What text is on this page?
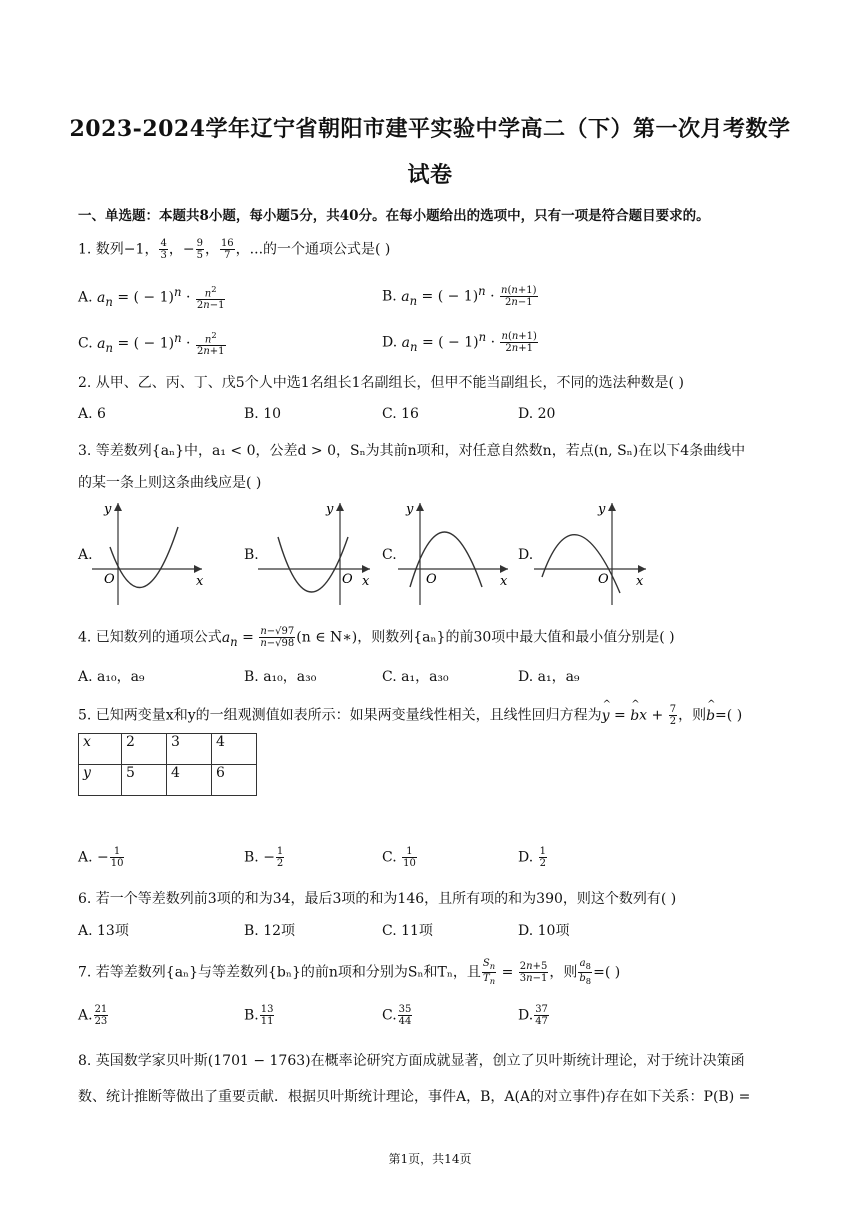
2023-2024学年辽宁省朝阳市建平实验中学高二（下）第一次月考数学
试卷
一、单选题：本题共8小题，每小题5分，共40分。在每小题给出的选项中，只有一项是符合题目要求的。
1. 数列−1， $\frac{4}{3}$ ，− $\frac{9}{5}$ ， $\frac{16}{7}$ ，...的一个通项公式是( )
A. $a_n$ = ( − $1)^n \cdot \frac{n^2}{2n-1}$	B. $a_n$ = ( − $1)^n \cdot \frac{n(n+1)}{2n-1}$
C. $a_n$ = ( − $1)^n \cdot \frac{n^2}{2n+1}$	D. $a_n$ = ( − $1)^n \cdot \frac{n(n+1)}{2n+1}$
2. 从甲、乙、丙、丁、戊5个人中选1名组长1名副组长，但甲不能当副组长，不同的选法种数是( )
A. 6	B. 10	C. 16	D. 20
3. 等差数列{aₙ}中，a₁ < 0，公差d > 0，Sₙ为其前n项和，对任意自然数n，若点(n, Sₙ)在以下4条曲线中
的某一条上则这条曲线应是( )
A.	B.	C.	D.
y
x
O
y
x
O
y
x
O
y
x
O
4. 已知数列的通项公式$a_n = \frac{n-√97}{n-√98} (n$ ∈ N∗)，则数列{aₙ}的前30项中最大值和最小值分别是( )
A. a₁₀，a₉	B. a₁₀，a₃₀	C. a₁，a₃₀	D. a₁，a₉
5. 已知两变量x和y的一组观测值如表所示：如果两变量线性相关，且线性回归方程为^ y = ^ bx + $\frac{7}{2}$ ，则^ b=( )
x	2	3	4
y	5	4	6
A. − $\frac{1}{10}$	B. − $\frac{1}{2}$	C. $\frac{1}{10}$	D. $\frac{1}{2}$
6. 若一个等差数列前3项的和为34，最后3项的和为146，且所有项的和为390，则这个数列有( )
A. 13项	B. 12项	C. 11项	D. 10项
7. 若等差数列{aₙ}与等差数列{bₙ}的前n项和分别为Sₙ和Tₙ，且 $\frac{S_n}{T_n} = \frac{2n+5}{3n-1}$ ，则 $\frac{a_8}{b_8}$ =( )
A. $\frac{21}{23}$	B. $\frac{13}{11}$	C. $\frac{35}{44}$	D. $\frac{37}{47}$
8. 英国数学家贝叶斯(1701 − 1763)在概率论研究方面成就显著，创立了贝叶斯统计理论，对于统计决策函
数、统计推断等做出了重要贡献．根据贝叶斯统计理论，事件A，B，A(A的对立事件)存在如下关系：P(B) =
第1页，共14页
